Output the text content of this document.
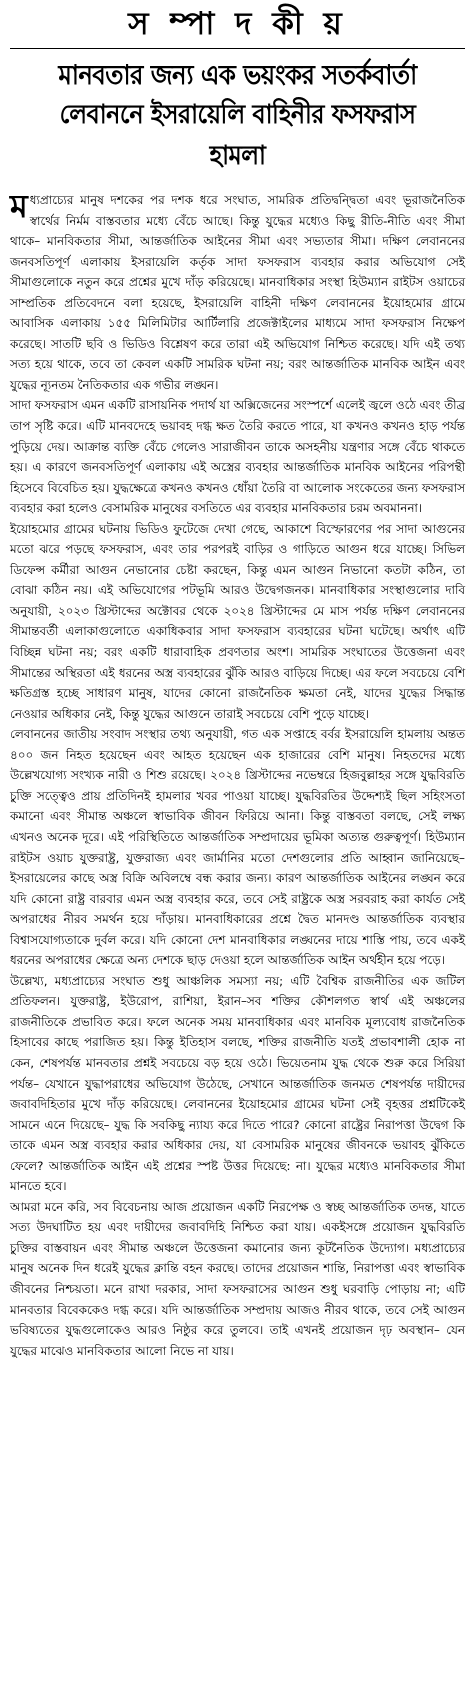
স ম্পা দ কী য়
মানবতার জন্য এক ভয়ংকর সতর্কবার্তা
লেবাননে ইসরায়েলি বাহিনীর ফসফরাস হামলা

মধ্যপ্রাচ্যের মানুষ দশকের পর দশক ধরে সংঘাত, সামরিক প্রতিদ্বন্দ্বিতা এবং ভূরাজনৈতিক স্বার্থের নির্মম বাস্তবতার মধ্যে বেঁচে আছে। কিন্তু যুদ্ধের মধ্যেও কিছু রীতি-নীতি এবং সীমা থাকে– মানবিকতার সীমা, আন্তর্জাতিক আইনের সীমা এবং সভ্যতার সীমা। দক্ষিণ লেবাননের জনবসতিপূর্ণ এলাকায় ইসরায়েলি কর্তৃক সাদা ফসফরাস ব্যবহার করার অভিযোগ সেই সীমাগুলোকে নতুন করে প্রশ্নের মুখে দাঁড় করিয়েছে। মানবাধিকার সংস্থা হিউম্যান রাইটস ওয়াচের সাম্প্রতিক প্রতিবেদনে বলা হয়েছে, ইসরায়েলি বাহিনী দক্ষিণ লেবাননের ইয়োহমোর গ্রামে আবাসিক এলাকায় ১৫৫ মিলিমিটার আর্টিলারি প্রজেক্টাইলের মাধ্যমে সাদা ফসফরাস নিক্ষেপ করেছে। সাতটি ছবি ও ভিডিও বিশ্লেষণ করে তারা এই অভিযোগ নিশ্চিত করেছে। যদি এই তথ্য সত্য হয়ে থাকে, তবে তা কেবল একটি সামরিক ঘটনা নয়; বরং আন্তর্জাতিক মানবিক আইন এবং যুদ্ধের ন্যূনতম নৈতিকতার এক গভীর লঙ্ঘন।

সাদা ফসফরাস এমন একটি রাসায়নিক পদার্থ যা অক্সিজেনের সংস্পর্শে এলেই জ্বলে ওঠে এবং তীব্র তাপ সৃষ্টি করে। এটি মানবদেহে ভয়াবহ দগ্ধ ক্ষত তৈরি করতে পারে, যা কখনও কখনও হাড় পর্যন্ত পুড়িয়ে দেয়। আক্রান্ত ব্যক্তি বেঁচে গেলেও সারাজীবন তাকে অসহনীয় যন্ত্রণার সঙ্গে বেঁচে থাকতে হয়। এ কারণে জনবসতিপূর্ণ এলাকায় এই অস্ত্রের ব্যবহার আন্তর্জাতিক মানবিক আইনের পরিপন্থী হিসেবে বিবেচিত হয়। যুদ্ধক্ষেত্রে কখনও কখনও ধোঁয়া তৈরি বা আলোক সংকেতের জন্য ফসফরাস ব্যবহার করা হলেও বেসামরিক মানুষের বসতিতে এর ব্যবহার মানবিকতার চরম অবমাননা।

ইয়োহমোর গ্রামের ঘটনায় ভিডিও ফুটেজে দেখা গেছে, আকাশে বিস্ফোরণের পর সাদা আগুনের মতো ঝরে পড়ছে ফসফরাস, এবং তার পরপরই বাড়ির ও গাড়িতে আগুন ধরে যাচ্ছে। সিভিল ডিফেন্স কর্মীরা আগুন নেভানোর চেষ্টা করছেন, কিন্তু এমন আগুন নিভানো কতটা কঠিন, তা বোঝা কঠিন নয়। এই অভিযোগের পটভূমি আরও উদ্বেগজনক। মানবাধিকার সংস্থাগুলোর দাবি অনুযায়ী, ২০২৩ খ্রিস্টাব্দের অক্টোবর থেকে ২০২৪ খ্রিস্টাব্দের মে মাস পর্যন্ত দক্ষিণ লেবাননের সীমান্তবর্তী এলাকাগুলোতে একাধিকবার সাদা ফসফরাস ব্যবহারের ঘটনা ঘটেছে। অর্থাৎ এটি বিচ্ছিন্ন ঘটনা নয়; বরং একটি ধারাবাহিক প্রবণতার অংশ। সামরিক সংঘাতের উত্তেজনা এবং সীমান্তের অস্থিরতা এই ধরনের অস্ত্র ব্যবহারের ঝুঁকি আরও বাড়িয়ে দিচ্ছে। এর ফলে সবচেয়ে বেশি ক্ষতিগ্রস্ত হচ্ছে সাধারণ মানুষ, যাদের কোনো রাজনৈতিক ক্ষমতা নেই, যাদের যুদ্ধের সিদ্ধান্ত নেওয়ার অধিকার নেই, কিন্তু যুদ্ধের আগুনে তারাই সবচেয়ে বেশি পুড়ে যাচ্ছে।

লেবাননের জাতীয় সংবাদ সংস্থার তথ্য অনুযায়ী, গত এক সপ্তাহে বর্বর ইসরায়েলি হামলায় অন্তত ৪০০ জন নিহত হয়েছেন এবং আহত হয়েছেন এক হাজারের বেশি মানুষ। নিহতদের মধ্যে উল্লেখযোগ্য সংখ্যক নারী ও শিশু রয়েছে। ২০২৪ খ্রিস্টাব্দের নভেম্বরে হিজবুল্লাহর সঙ্গে যুদ্ধবিরতি চুক্তি সত্ত্বেও প্রায় প্রতিদিনই হামলার খবর পাওয়া যাচ্ছে। যুদ্ধবিরতির উদ্দেশ্যই ছিল সহিংসতা কমানো এবং সীমান্ত অঞ্চলে স্বাভাবিক জীবন ফিরিয়ে আনা। কিন্তু বাস্তবতা বলছে, সেই লক্ষ্য এখনও অনেক দূরে। এই পরিস্থিতিতে আন্তর্জাতিক সম্প্রদায়ের ভূমিকা অত্যন্ত গুরুত্বপূর্ণ। হিউম্যান রাইটস ওয়াচ যুক্তরাষ্ট্র, যুক্তরাজ্য এবং জার্মানির মতো দেশগুলোর প্রতি আহ্বান জানিয়েছে– ইসরায়েলের কাছে অস্ত্র বিক্রি অবিলম্বে বন্ধ করার জন্য। কারণ আন্তর্জাতিক আইনের লঙ্ঘন করে যদি কোনো রাষ্ট্র বারবার এমন অস্ত্র ব্যবহার করে, তবে সেই রাষ্ট্রকে অস্ত্র সরবরাহ করা কার্যত সেই অপরাধের নীরব সমর্থন হয়ে দাঁড়ায়। মানবাধিকারের প্রশ্নে দ্বৈত মানদণ্ড আন্তর্জাতিক ব্যবস্থার বিশ্বাসযোগ্যতাকে দুর্বল করে। যদি কোনো দেশ মানবাধিকার লঙ্ঘনের দায়ে শাস্তি পায়, তবে একই ধরনের অপরাধের ক্ষেত্রে অন্য দেশকে ছাড় দেওয়া হলে আন্তর্জাতিক আইন অর্থহীন হয়ে পড়ে।

উল্লেখ্য, মধ্যপ্রাচ্যের সংঘাত শুধু আঞ্চলিক সমস্যা নয়; এটি বৈশ্বিক রাজনীতির এক জটিল প্রতিফলন। যুক্তরাষ্ট্র, ইউরোপ, রাশিয়া, ইরান–সব শক্তির কৌশলগত স্বার্থ এই অঞ্চলের রাজনীতিকে প্রভাবিত করে। ফলে অনেক সময় মানবাধিকার এবং মানবিক মূল্যবোধ রাজনৈতিক হিসাবের কাছে পরাজিত হয়। কিন্তু ইতিহাস বলছে, শক্তির রাজনীতি যতই প্রভাবশালী হোক না কেন, শেষপর্যন্ত মানবতার প্রশ্নই সবচেয়ে বড় হয়ে ওঠে। ভিয়েতনাম যুদ্ধ থেকে শুরু করে সিরিয়া পর্যন্ত– যেখানে যুদ্ধাপরাধের অভিযোগ উঠেছে, সেখানে আন্তর্জাতিক জনমত শেষপর্যন্ত দায়ীদের জবাবদিহিতার মুখে দাঁড় করিয়েছে। লেবাননের ইয়োহমোর গ্রামের ঘটনা সেই বৃহত্তর প্রশ্নটিকেই সামনে এনে দিয়েছে– যুদ্ধ কি সবকিছু ন্যায্য করে দিতে পারে? কোনো রাষ্ট্রের নিরাপত্তা উদ্বেগ কি তাকে এমন অস্ত্র ব্যবহার করার অধিকার দেয়, যা বেসামরিক মানুষের জীবনকে ভয়াবহ ঝুঁকিতে ফেলে? আন্তর্জাতিক আইন এই প্রশ্নের স্পষ্ট উত্তর দিয়েছে: না। যুদ্ধের মধ্যেও মানবিকতার সীমা মানতে হবে।

আমরা মনে করি, সব বিবেচনায় আজ প্রয়োজন একটি নিরপেক্ষ ও স্বচ্ছ আন্তর্জাতিক তদন্ত, যাতে সত্য উদঘাটিত হয় এবং দায়ীদের জবাবদিহি নিশ্চিত করা যায়। একইসঙ্গে প্রয়োজন যুদ্ধবিরতি চুক্তির বাস্তবায়ন এবং সীমান্ত অঞ্চলে উত্তেজনা কমানোর জন্য কূটনৈতিক উদ্যোগ। মধ্যপ্রাচ্যের মানুষ অনেক দিন ধরেই যুদ্ধের ক্লান্তি বহন করছে। তাদের প্রয়োজন শান্তি, নিরাপত্তা এবং স্বাভাবিক জীবনের নিশ্চয়তা। মনে রাখা দরকার, সাদা ফসফরাসের আগুন শুধু ঘরবাড়ি পোড়ায় না; এটি মানবতার বিবেককেও দগ্ধ করে। যদি আন্তর্জাতিক সম্প্রদায় আজও নীরব থাকে, তবে সেই আগুন ভবিষ্যতের যুদ্ধগুলোকেও আরও নিষ্ঠুর করে তুলবে। তাই এখনই প্রয়োজন দৃঢ় অবস্থান– যেন যুদ্ধের মাঝেও মানবিকতার আলো নিভে না যায়।
